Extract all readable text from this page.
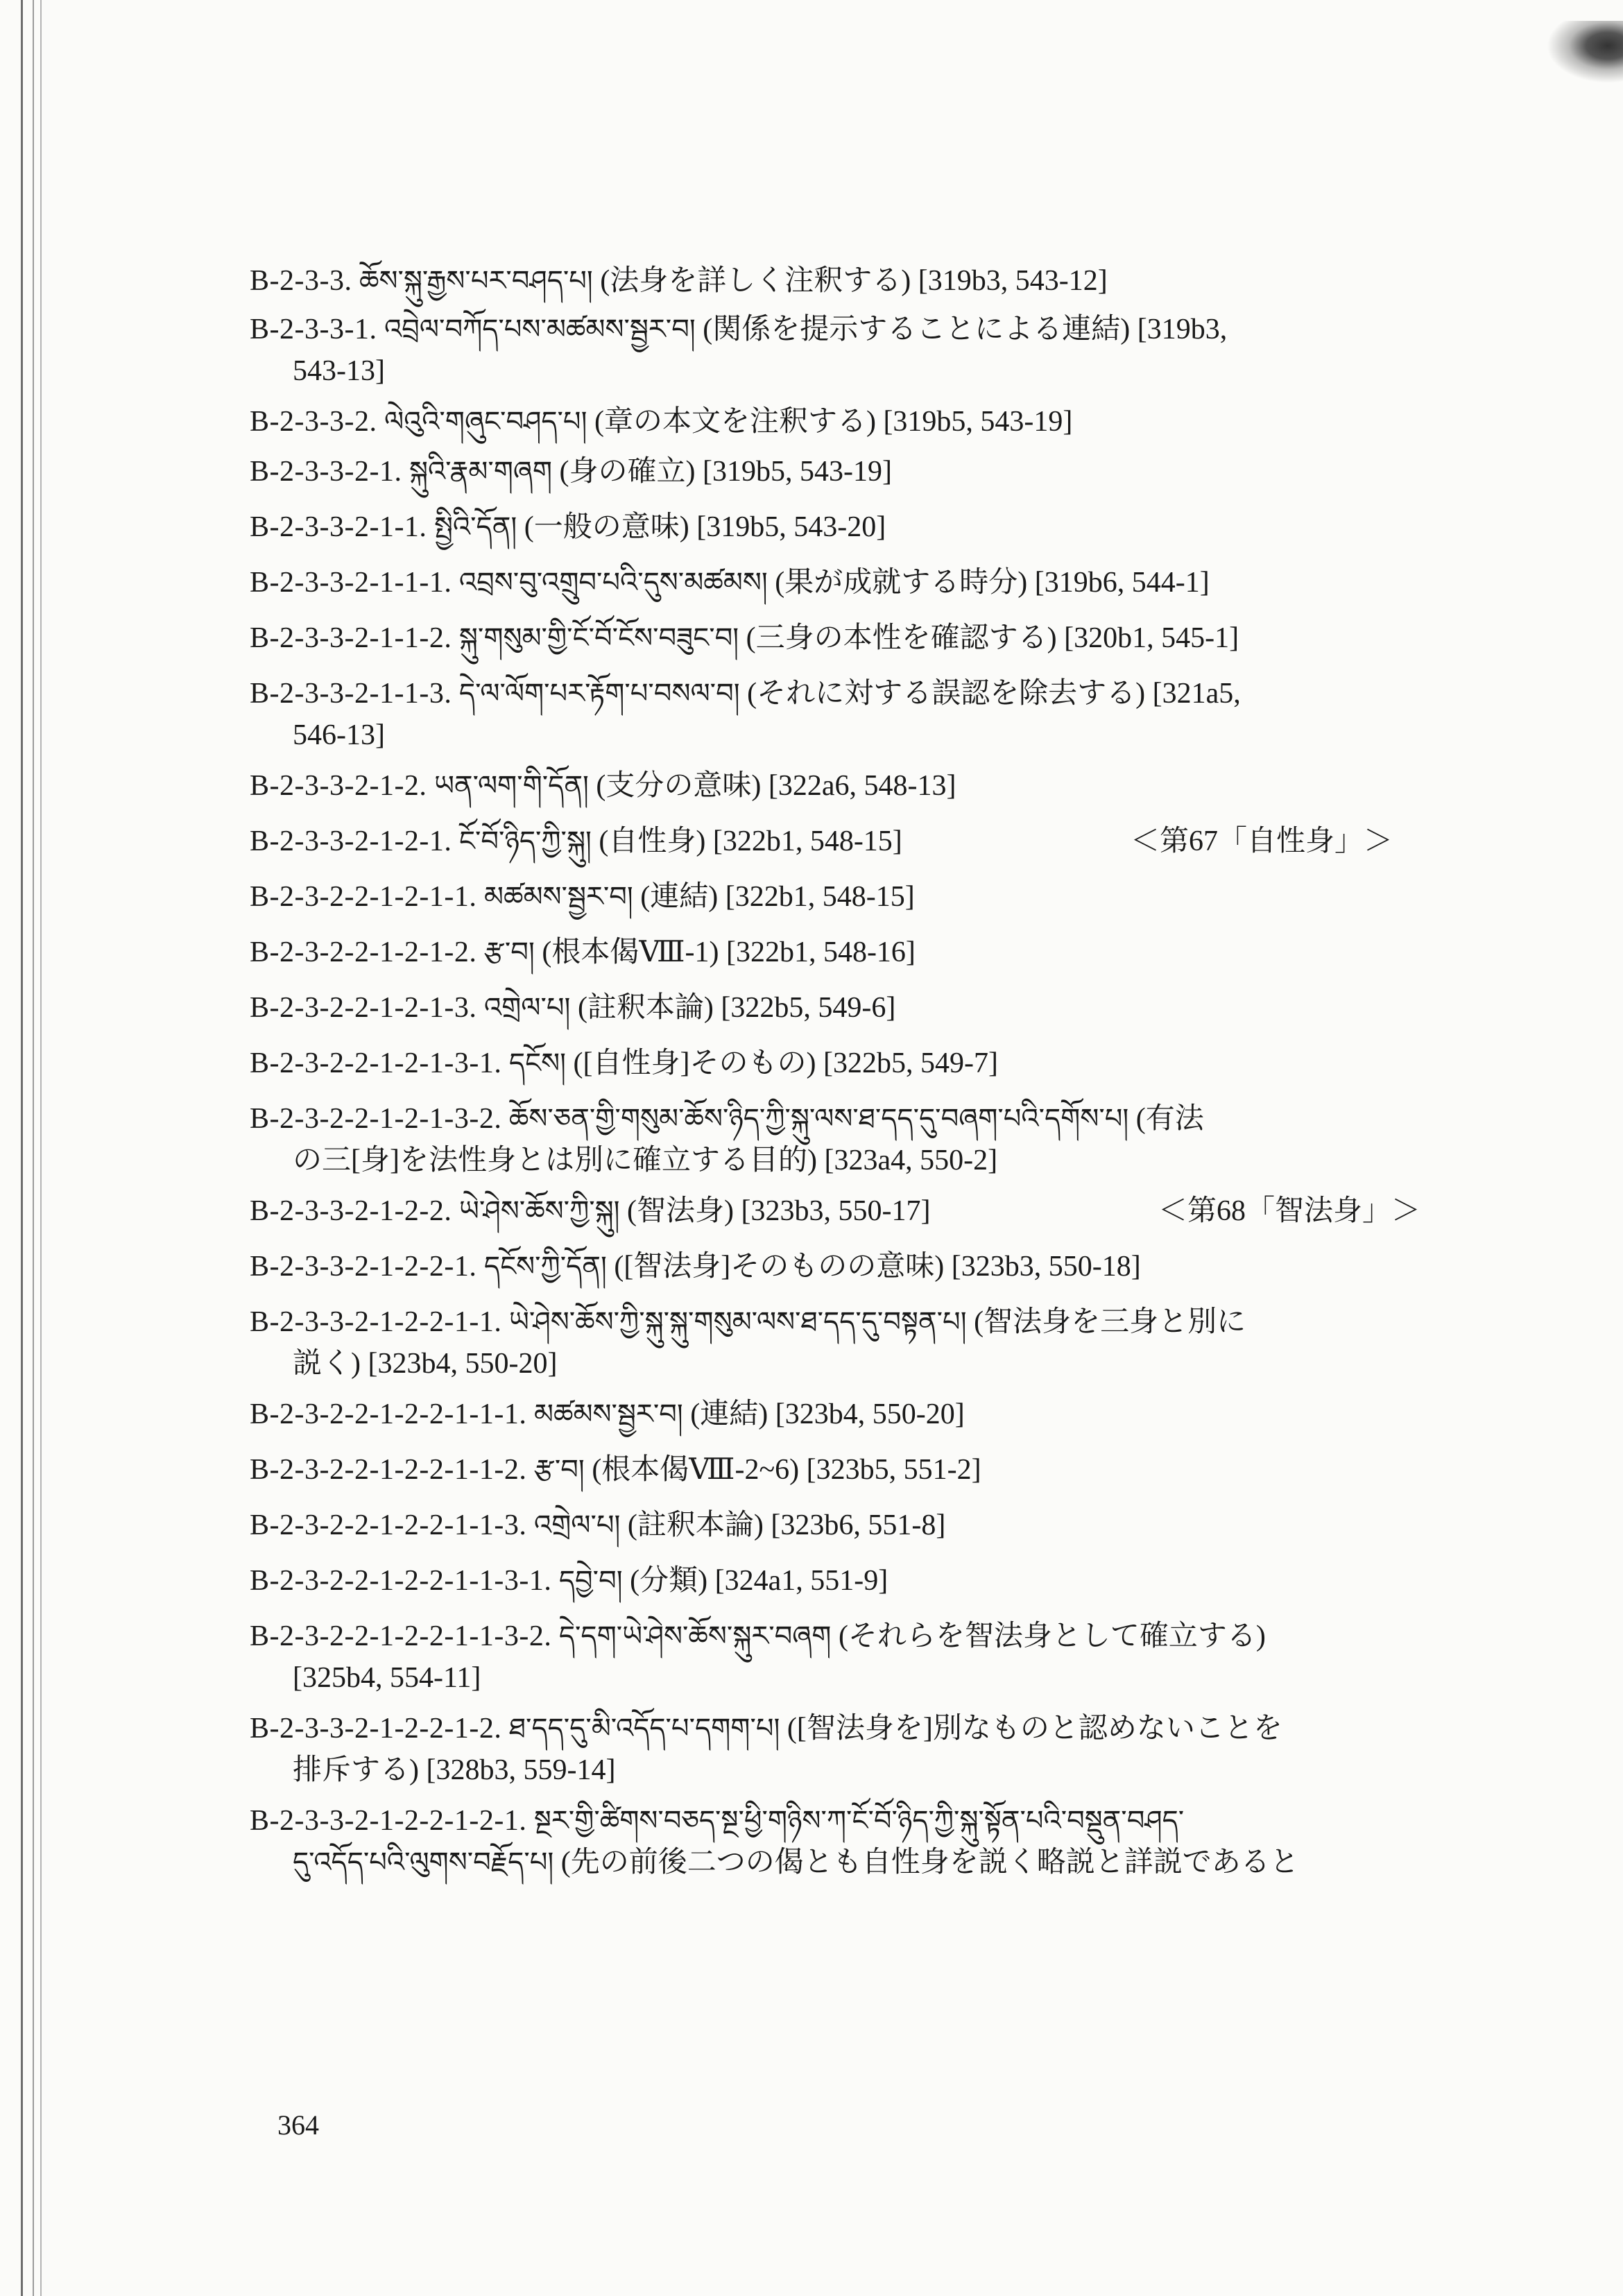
B-2-3-3. ཆོས་སྐུ་རྒྱས་པར་བཤད་པ། (法身を詳しく注釈する) [319b3, 543-12]
B-2-3-3-1. འབྲེལ་བཀོད་པས་མཚམས་སྦྱར་བ། (関係を提示することによる連結) [319b3,
543-13]
B-2-3-3-2. ལེའུའི་གཞུང་བཤད་པ། (章の本文を注釈する) [319b5, 543-19]
B-2-3-3-2-1. སྐུའི་རྣམ་གཞག (身の確立) [319b5, 543-19]
B-2-3-3-2-1-1. སྤྱིའི་དོན། (一般の意味) [319b5, 543-20]
B-2-3-3-2-1-1-1. འབྲས་བུ་འགྲུབ་པའི་དུས་མཚམས། (果が成就する時分) [319b6, 544-1]
B-2-3-3-2-1-1-2. སྐུ་གསུམ་གྱི་ངོ་བོ་ངོས་བཟུང་བ། (三身の本性を確認する) [320b1, 545-1]
B-2-3-3-2-1-1-3. དེ་ལ་ལོག་པར་རྟོག་པ་བསལ་བ། (それに対する誤認を除去する) [321a5,
546-13]
B-2-3-3-2-1-2. ཡན་ལག་གི་དོན། (支分の意味) [322a6, 548-13]
B-2-3-3-2-1-2-1. ངོ་བོ་ཉིད་ཀྱི་སྐུ། (自性身) [322b1, 548-15]	＜第67「自性身」＞
B-2-3-2-2-1-2-1-1. མཚམས་སྦྱར་བ། (連結) [322b1, 548-15]
B-2-3-2-2-1-2-1-2. རྩ་བ། (根本偈Ⅷ-1) [322b1, 548-16]
B-2-3-2-2-1-2-1-3. འགྲེལ་པ། (註釈本論) [322b5, 549-6]
B-2-3-2-2-1-2-1-3-1. དངོས། ([自性身]そのもの) [322b5, 549-7]
B-2-3-2-2-1-2-1-3-2. ཆོས་ཅན་གྱི་གསུམ་ཆོས་ཉིད་ཀྱི་སྐུ་ལས་ཐ་དད་དུ་བཞག་པའི་དགོས་པ། (有法
の三[身]を法性身とは別に確立する目的) [323a4, 550-2]
B-2-3-3-2-1-2-2. ཡེ་ཤེས་ཆོས་ཀྱི་སྐུ། (智法身) [323b3, 550-17]	＜第68「智法身」＞
B-2-3-3-2-1-2-2-1. དངོས་ཀྱི་དོན། ([智法身]そのものの意味) [323b3, 550-18]
B-2-3-3-2-1-2-2-1-1. ཡེ་ཤེས་ཆོས་ཀྱི་སྐུ་སྐུ་གསུམ་ལས་ཐ་དད་དུ་བསྟན་པ། (智法身を三身と別に
説く) [323b4, 550-20]
B-2-3-2-2-1-2-2-1-1-1. མཚམས་སྦྱར་བ། (連結) [323b4, 550-20]
B-2-3-2-2-1-2-2-1-1-2. རྩ་བ། (根本偈Ⅷ-2~6) [323b5, 551-2]
B-2-3-2-2-1-2-2-1-1-3. འགྲེལ་པ། (註釈本論) [323b6, 551-8]
B-2-3-2-2-1-2-2-1-1-3-1. དབྱེ་བ། (分類) [324a1, 551-9]
B-2-3-2-2-1-2-2-1-1-3-2. དེ་དག་ཡེ་ཤེས་ཆོས་སྐུར་བཞག (それらを智法身として確立する)
[325b4, 554-11]
B-2-3-3-2-1-2-2-1-2. ཐ་དད་དུ་མི་འདོད་པ་དགག་པ། ([智法身を]別なものと認めないことを
排斥する) [328b3, 559-14]
B-2-3-3-2-1-2-2-1-2-1. སྔར་གྱི་ཚིགས་བཅད་སྔ་ཕྱི་གཉིས་ཀ་ངོ་བོ་ཉིད་ཀྱི་སྐུ་སྟོན་པའི་བསྡུན་བཤད་
དུ་འདོད་པའི་ལུགས་བརྗོད་པ། (先の前後二つの偈とも自性身を説く略説と詳説であると
364
